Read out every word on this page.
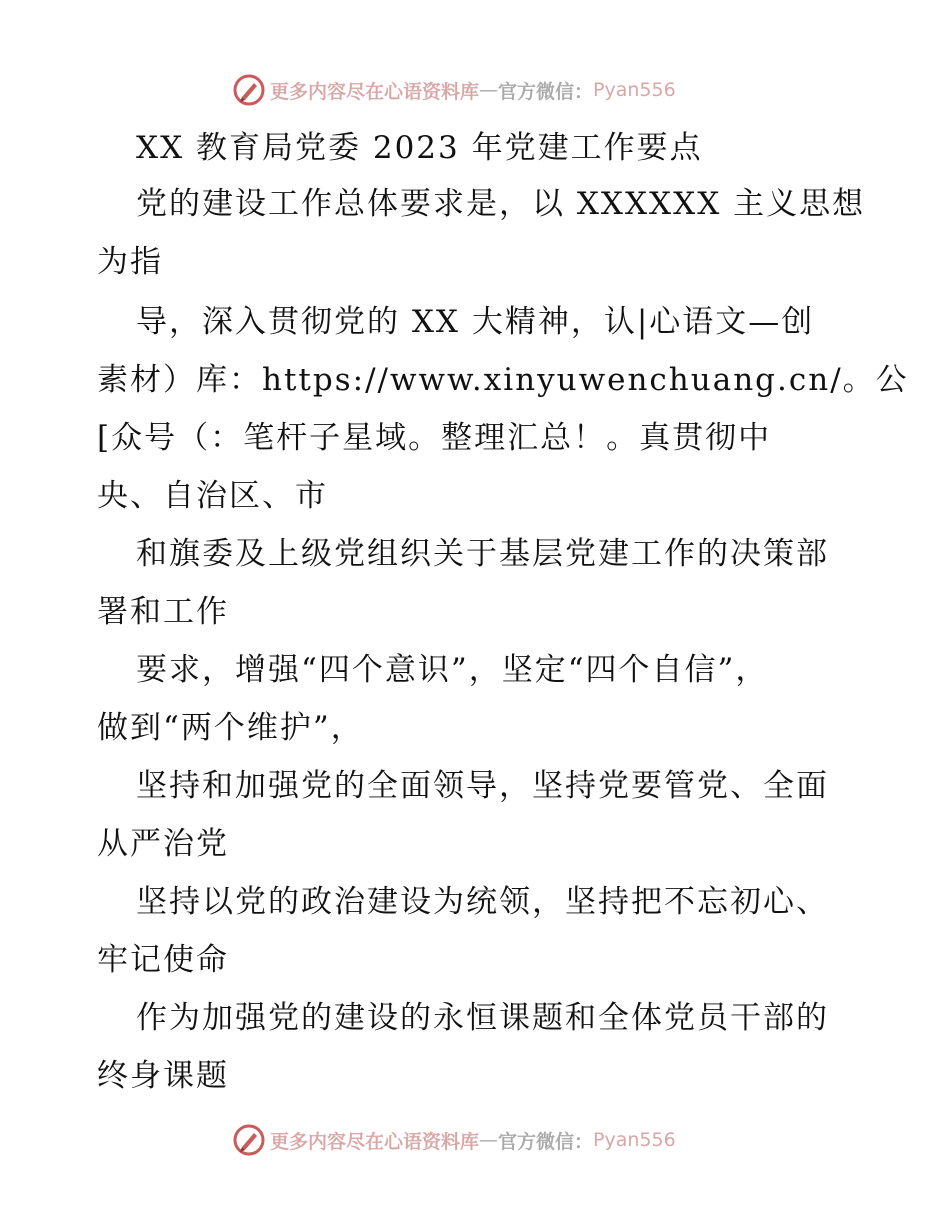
更多内容尽在心语资料库 — 官方微信： Pyan556
XX 教育局党委 2023 年党建工作要点
党的建设工作总体要求是，以 XXXXXX 主义思想
为指
导，深入贯彻党的 XX 大精神，认|心语文—创
素材）库：https://www.xinyuwenchuang.cn/。公
[众号（：笔杆子星域。整理汇总！。真贯彻中
央、自治区、市
和旗委及上级党组织关于基层党建工作的决策部
署和工作
要求，增强“四个意识”，坚定“四个自信”，
做到“两个维护”，
坚持和加强党的全面领导，坚持党要管党、全面
从严治党
坚持以党的政治建设为统领，坚持把不忘初心、
牢记使命
作为加强党的建设的永恒课题和全体党员干部的
终身课题
更多内容尽在心语资料库 — 官方微信： Pyan556
